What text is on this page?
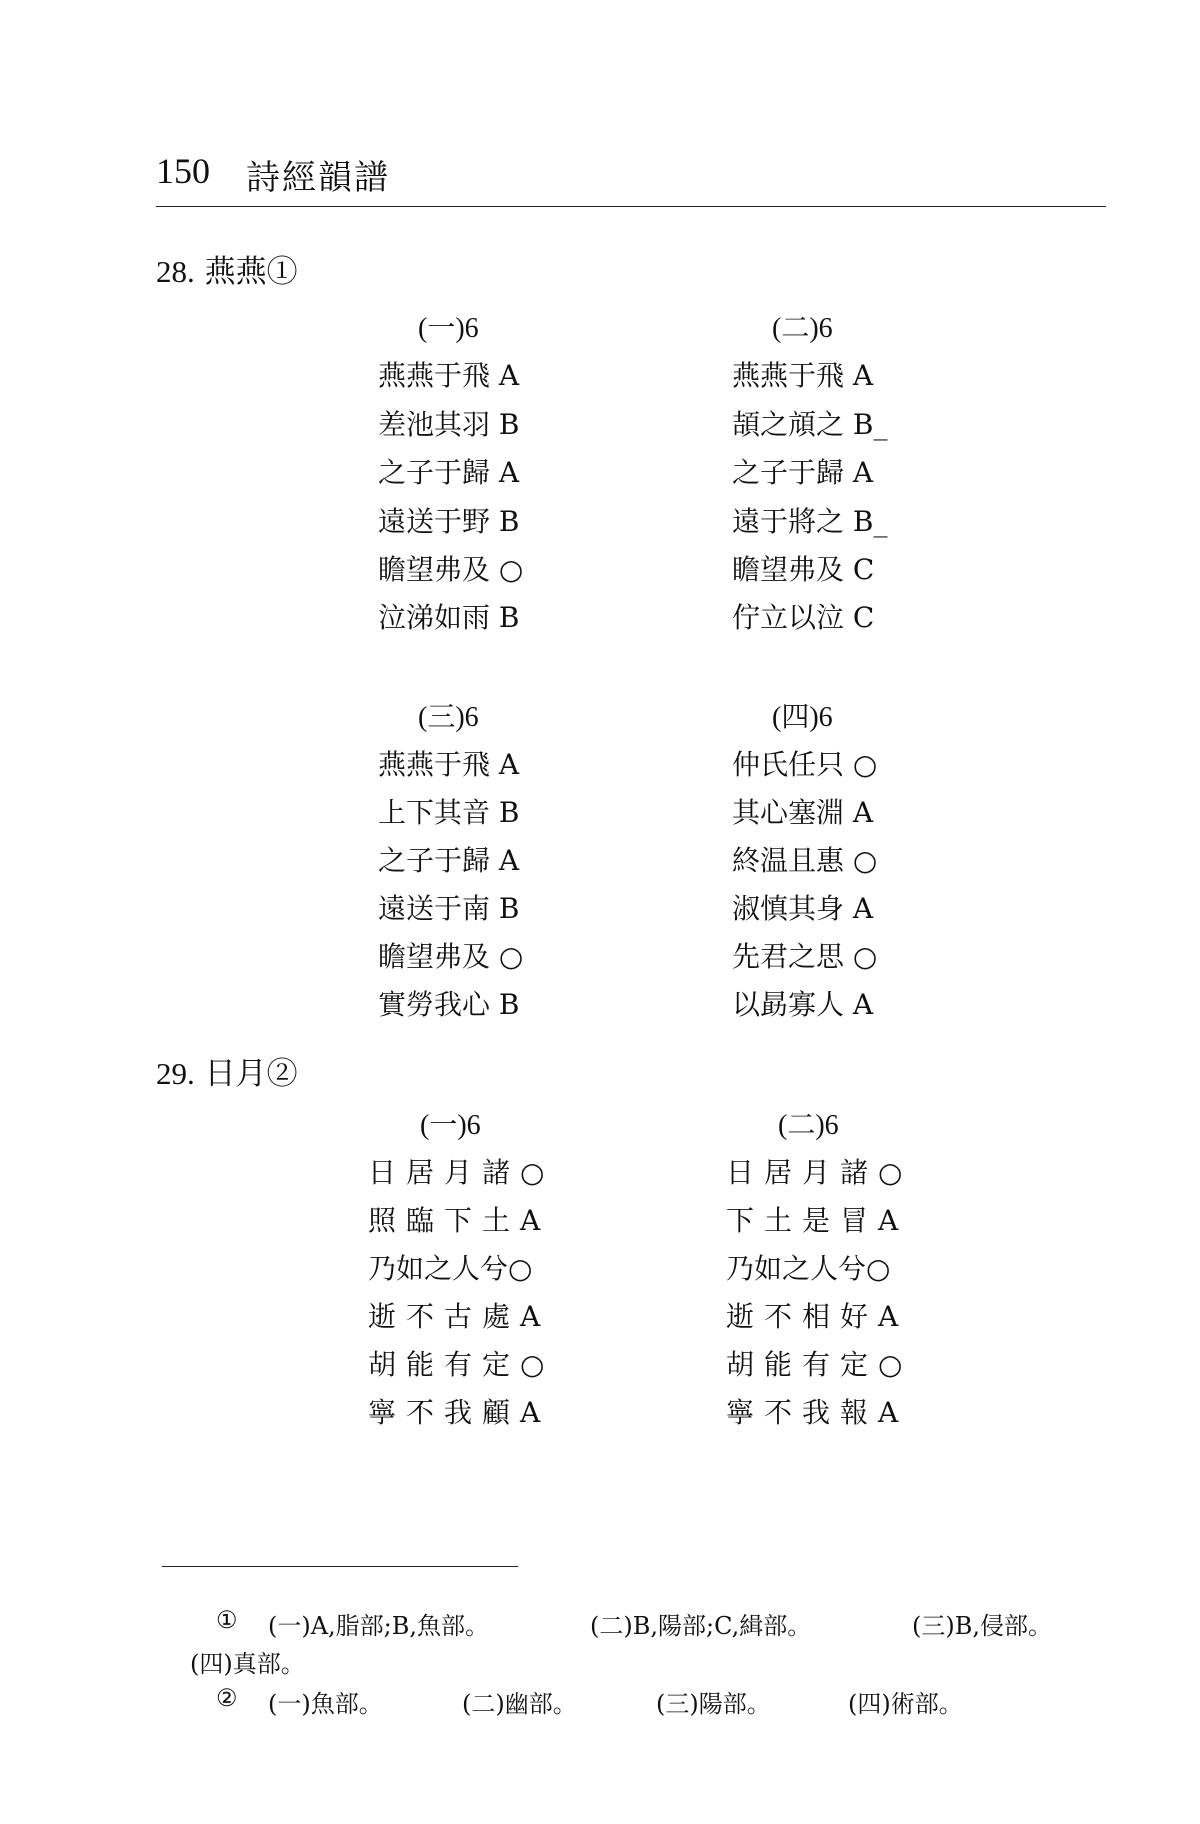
150 詩經韻譜
28. 燕燕①
(一)6
燕燕于飛 A
差池其羽 B
之子于歸 A
遠送于野 B
瞻望弗及 ○
泣涕如雨 B
(二)6
燕燕于飛 A
頡之頏之 B_
之子于歸 A
遠于將之 B_
瞻望弗及 C
佇立以泣 C
(三)6
燕燕于飛 A
上下其音 B
之子于歸 A
遠送于南 B
瞻望弗及 ○
實勞我心 B
(四)6
仲氏任只 ○
其心塞淵 A
終温且惠 ○
淑慎其身 A
先君之思 ○
以勗寡人 A
29. 日月②
(一)6
日居月諸○
照臨下土A
乃如之人兮○
逝不古處A
胡能有定○
寧不我顧A
(二)6
日居月諸○
下土是冒A
乃如之人兮○
逝不相好A
胡能有定○
寧不我報A
① (一)A,脂部;B,魚部。	(二)B,陽部;C,緝部。	(三)B,侵部。
(四)真部。
② (一)魚部。	(二)幽部。	(三)陽部。	(四)術部。
